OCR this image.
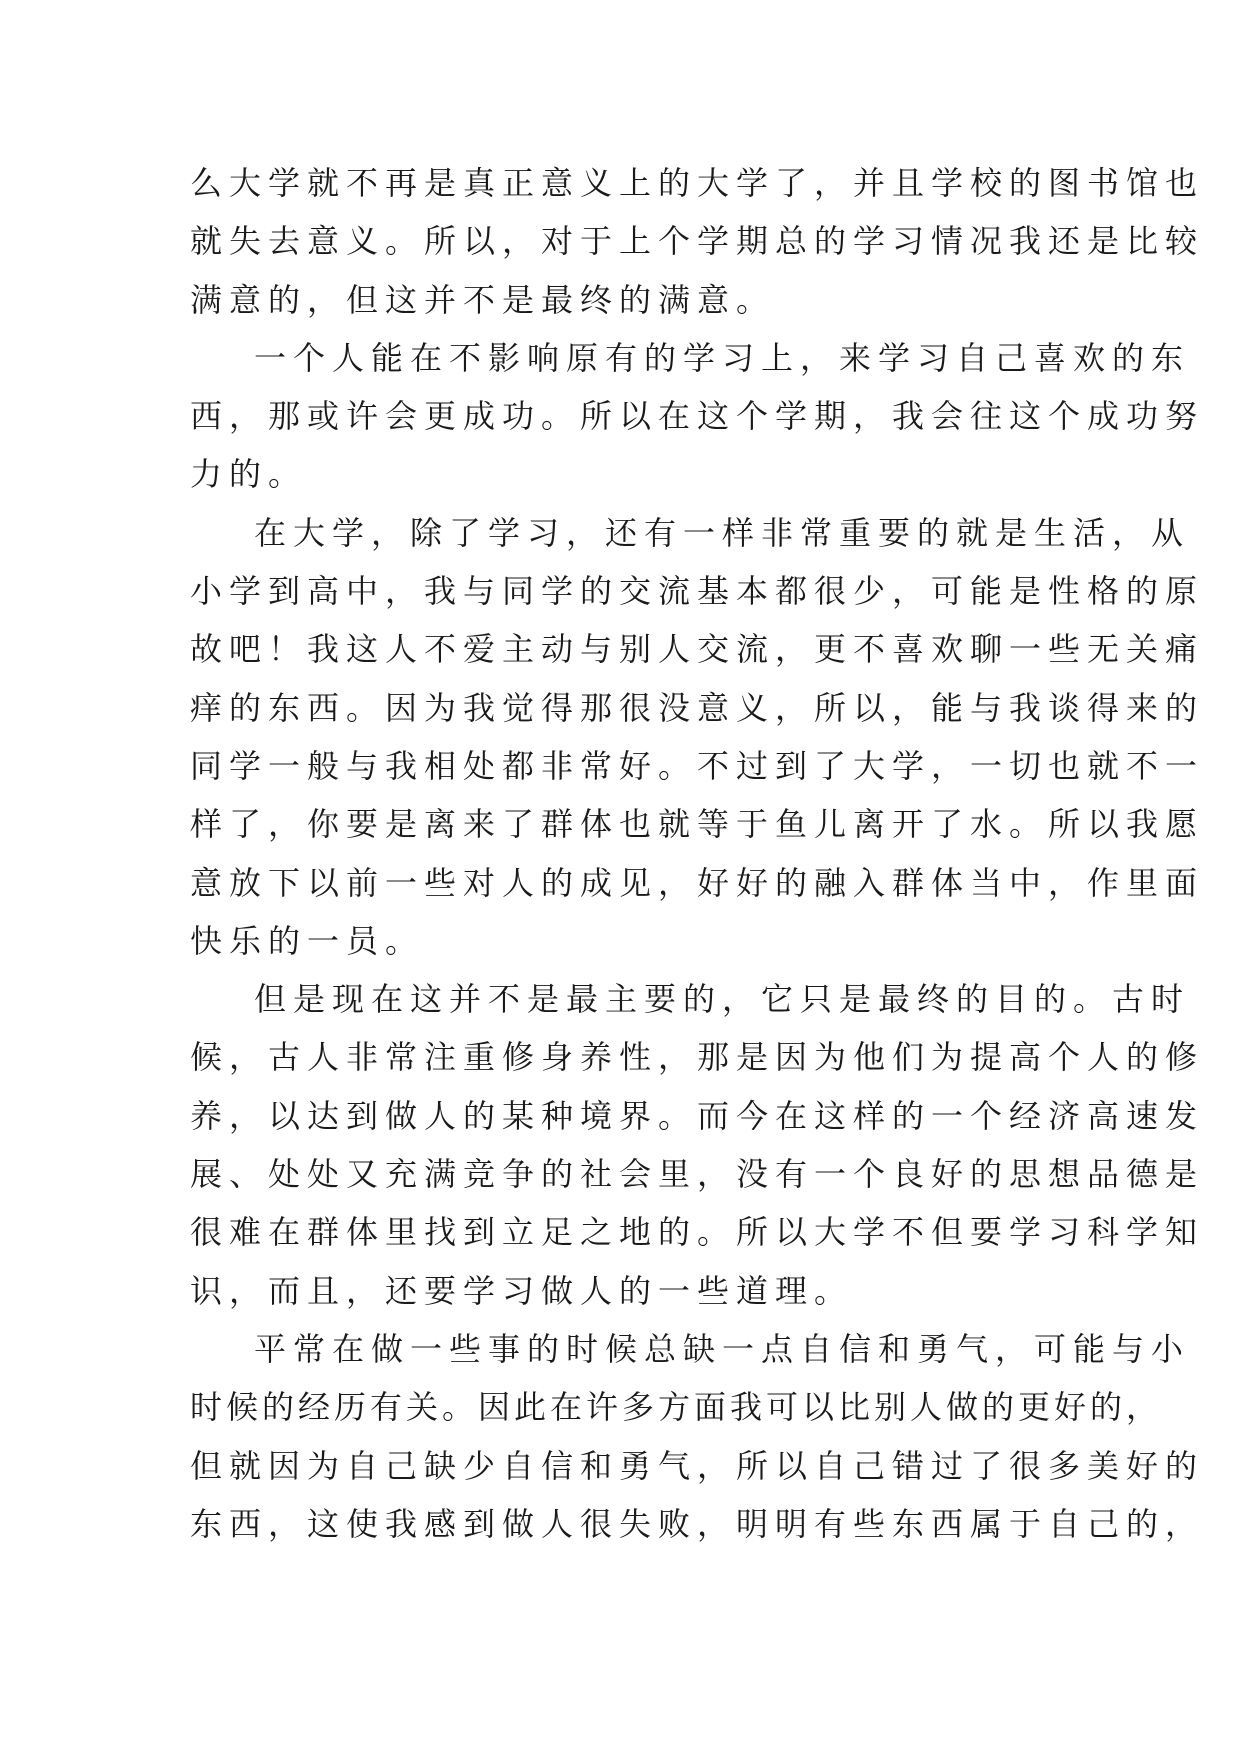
么大学就不再是真正意义上的大学了，并且学校的图书馆也
就失去意义。所以，对于上个学期总的学习情况我还是比较
满意的，但这并不是最终的满意。
一个人能在不影响原有的学习上，来学习自己喜欢的东
西，那或许会更成功。所以在这个学期，我会往这个成功努
力的。
在大学，除了学习，还有一样非常重要的就是生活，从
小学到高中，我与同学的交流基本都很少，可能是性格的原
故吧！我这人不爱主动与别人交流，更不喜欢聊一些无关痛
痒的东西。因为我觉得那很没意义，所以，能与我谈得来的
同学一般与我相处都非常好。不过到了大学，一切也就不一
样了，你要是离来了群体也就等于鱼儿离开了水。所以我愿
意放下以前一些对人的成见，好好的融入群体当中，作里面
快乐的一员。
但是现在这并不是最主要的，它只是最终的目的。古时
候，古人非常注重修身养性，那是因为他们为提高个人的修
养，以达到做人的某种境界。而今在这样的一个经济高速发
展、处处又充满竞争的社会里，没有一个良好的思想品德是
很难在群体里找到立足之地的。所以大学不但要学习科学知
识，而且，还要学习做人的一些道理。
平常在做一些事的时候总缺一点自信和勇气，可能与小
时候的经历有关。因此在许多方面我可以比别人做的更好的，
但就因为自己缺少自信和勇气，所以自己错过了很多美好的
东西，这使我感到做人很失败，明明有些东西属于自己的，
